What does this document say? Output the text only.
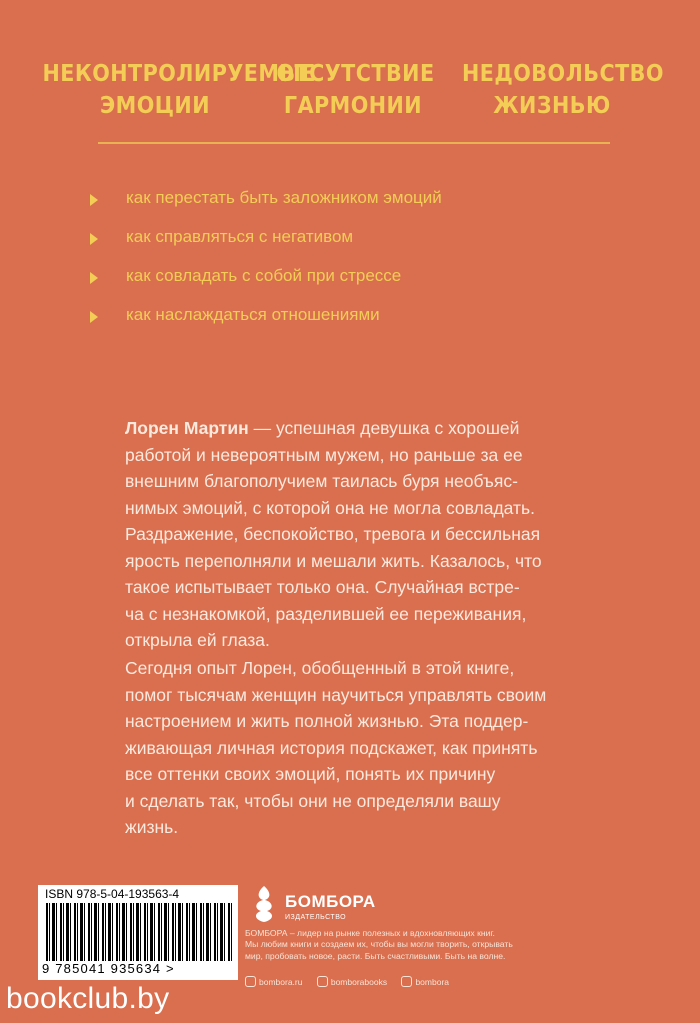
НЕКОНТРОЛИРУЕМЫЕ
ЭМОЦИИ
ОТСУТСТВИЕ
ГАРМОНИИ
НЕДОВОЛЬСТВО
ЖИЗНЬЮ
как перестать быть заложником эмоций
как справляться с негативом
как совладать с собой при стрессе
как наслаждаться отношениями
Лорен Мартин — успешная девушка с хорошей
работой и невероятным мужем, но раньше за ее
внешним благополучием таилась буря необъяс-
нимых эмоций, с которой она не могла совладать.
Раздражение, беспокойство, тревога и бессильная
ярость переполняли и мешали жить. Казалось, что
такое испытывает только она. Случайная встре-
ча с незнакомкой, разделившей ее переживания,
открыла ей глаза.
Сегодня опыт Лорен, обобщенный в этой книге,
помог тысячам женщин научиться управлять своим
настроением и жить полной жизнью. Эта поддер-
живающая личная история подскажет, как принять
все оттенки своих эмоций, понять их причину
и сделать так, чтобы они не определяли вашу
жизнь.
ISBN 978-5-04-193563-4
9 785041 935634 >
БОМБОРА
ИЗДАТЕЛЬСТВО
БОМБОРА – лидер на рынке полезных и вдохновляющих книг.
Мы любим книги и создаем их, чтобы вы могли творить, открывать
мир, пробовать новое, расти. Быть счастливыми. Быть на волне.
bombora.ru	bomborabooks	bombora
bookclub.by
